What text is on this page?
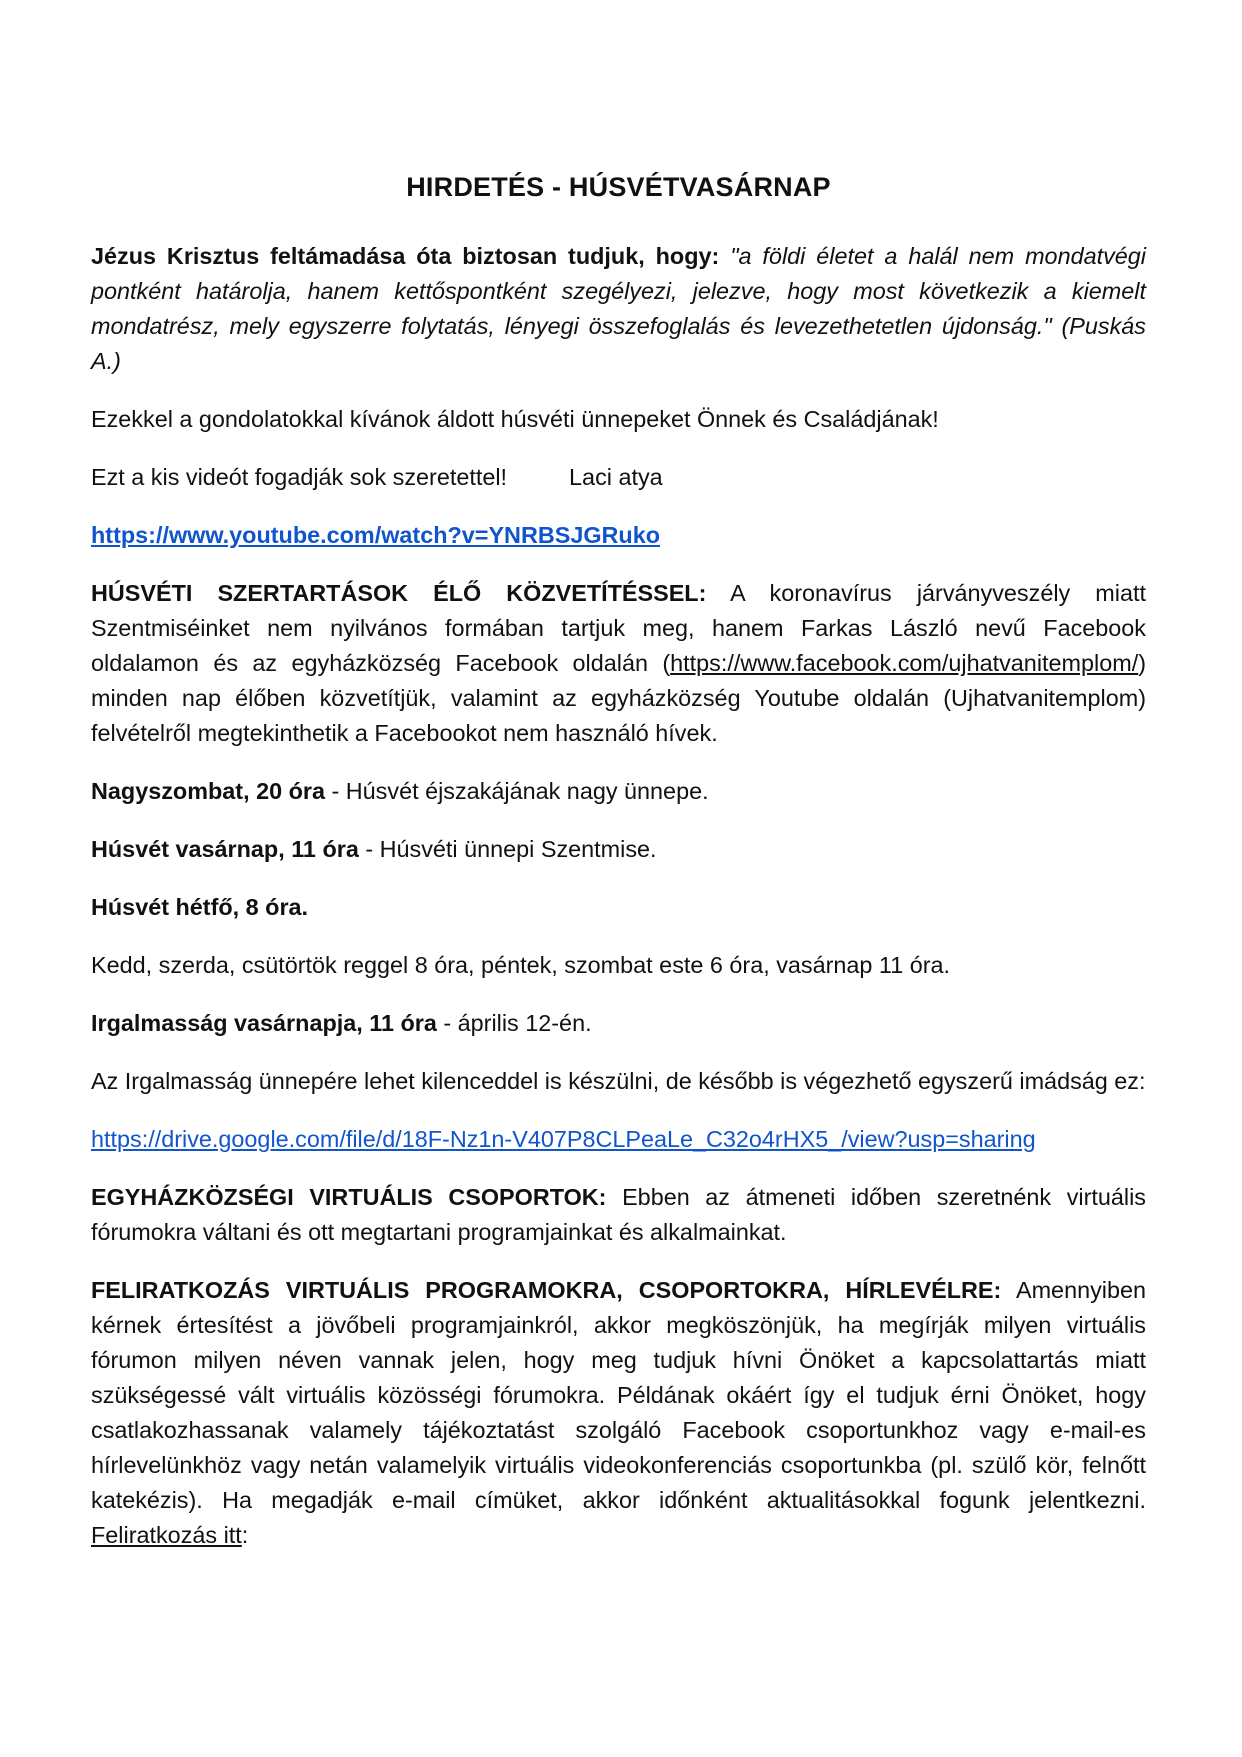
HIRDETÉS - HÚSVÉTVASÁRNAP

Jézus Krisztus feltámadása óta biztosan tudjuk, hogy: "a földi életet a halál nem mondatvégi pontként határolja, hanem kettőspontként szegélyezi, jelezve, hogy most következik a kiemelt mondatrész, mely egyszerre folytatás, lényegi összefoglalás és levezethetetlen újdonság." (Puskás A.)

Ezekkel a gondolatokkal kívánok áldott húsvéti ünnepeket Önnek és Családjának!

Ezt a kis videót fogadják sok szeretettel!	Laci atya

https://www.youtube.com/watch?v=YNRBSJGRuko

HÚSVÉTI SZERTARTÁSOK ÉLŐ KÖZVETÍTÉSSEL: A koronavírus járványveszély miatt Szentmiséinket nem nyilvános formában tartjuk meg, hanem Farkas László nevű Facebook oldalamon és az egyházközség Facebook oldalán (https://www.facebook.com/ujhatvanitemplom/) minden nap élőben közvetítjük, valamint az egyházközség Youtube oldalán (Ujhatvanitemplom) felvételről megtekinthetik a Facebookot nem használó hívek.

Nagyszombat, 20 óra - Húsvét éjszakájának nagy ünnepe.

Húsvét vasárnap, 11 óra - Húsvéti ünnepi Szentmise.

Húsvét hétfő, 8 óra.

Kedd, szerda, csütörtök reggel 8 óra, péntek, szombat este 6 óra, vasárnap 11 óra.

Irgalmasság vasárnapja, 11 óra - április 12-én.

Az Irgalmasság ünnepére lehet kilenceddel is készülni, de később is végezhető egyszerű imádság ez:

https://drive.google.com/file/d/18F-Nz1n-V407P8CLPeaLe_C32o4rHX5_/view?usp=sharing

EGYHÁZKÖZSÉGI VIRTUÁLIS CSOPORTOK: Ebben az átmeneti időben szeretnénk virtuális fórumokra váltani és ott megtartani programjainkat és alkalmainkat.

FELIRATKOZÁS VIRTUÁLIS PROGRAMOKRA, CSOPORTOKRA, HÍRLEVÉLRE: Amennyiben kérnek értesítést a jövőbeli programjainkról, akkor megköszönjük, ha megírják milyen virtuális fórumon milyen néven vannak jelen, hogy meg tudjuk hívni Önöket a kapcsolattartás miatt szükségessé vált virtuális közösségi fórumokra. Példának okáért így el tudjuk érni Önöket, hogy csatlakozhassanak valamely tájékoztatást szolgáló Facebook csoportunkhoz vagy e-mail-es hírlevelünkhöz vagy netán valamelyik virtuális videokonferenciás csoportunkba (pl. szülő kör, felnőtt katekézis). Ha megadják e-mail címüket, akkor időnként aktualitásokkal fogunk jelentkezni. Feliratkozás itt:
